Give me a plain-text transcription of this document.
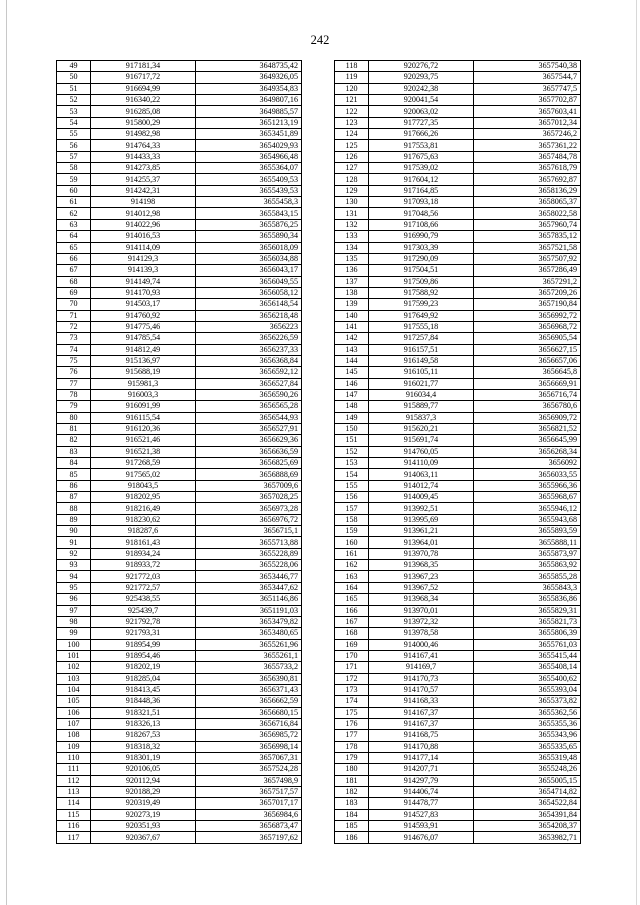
242
49	917181,34	3648735,42
50	916717,72	3649326,05
51	916694,99	3649354,83
52	916340,22	3649807,16
53	916285,08	3649885,57
54	915800,29	3651213,19
55	914982,98	3653451,89
56	914764,33	3654029,93
57	914433,33	3654966,48
58	914273,85	3655364,07
59	914255,37	3655409,53
60	914242,31	3655439,53
61	914198	3655458,3
62	914012,98	3655843,15
63	914022,96	3655876,25
64	914016,53	3655890,34
65	914114,09	3656018,09
66	914129,3	3656034,88
67	914139,3	3656043,17
68	914149,74	3656049,55
69	914170,93	3656058,12
70	914503,17	3656148,54
71	914760,92	3656218,48
72	914775,46	3656223
73	914785,54	3656226,59
74	914812,49	3656237,33
75	915136,97	3656368,84
76	915688,19	3656592,12
77	915981,3	3656527,84
78	916003,3	3656590,26
79	916091,99	3656565,28
80	916115,54	3656544,93
81	916120,36	3656527,91
82	916521,46	3656629,36
83	916521,38	3656636,59
84	917268,59	3656825,69
85	917565,02	3656888,69
86	918043,5	3657009,6
87	918202,95	3657028,25
88	918216,49	3656973,28
89	918230,62	3656976,72
90	918287,6	3656715,1
91	918161,43	3655713,88
92	918934,24	3655228,89
93	918933,72	3655228,06
94	921772,03	3653446,77
95	921772,57	3653447,62
96	925438,55	3651146,86
97	925439,7	3651191,03
98	921792,78	3653479,82
99	921793,31	3653480,65
100	918954,99	3655261,96
101	918954,46	3655261,1
102	918202,19	3655733,2
103	918285,04	3656390,81
104	918413,45	3656371,43
105	918448,36	3656662,59
106	918321,51	3656680,15
107	918326,13	3656716,84
108	918267,53	3656985,72
109	918318,32	3656998,14
110	918301,19	3657067,31
111	920106,05	3657524,28
112	920112,94	3657498,9
113	920188,29	3657517,57
114	920319,49	3657017,17
115	920273,19	3656984,6
116	920351,93	3656873,47
117	920367,67	3657197,62
118	920276,72	3657540,38
119	920293,75	3657544,7
120	920242,38	3657747,5
121	920041,54	3657702,87
122	920063,02	3657603,41
123	917727,35	3657012,34
124	917666,26	3657246,2
125	917553,81	3657361,22
126	917675,63	3657484,78
127	917539,02	3657618,79
128	917604,12	3657692,87
129	917164,85	3658136,29
130	917093,18	3658065,37
131	917048,56	3658022,58
132	917108,66	3657960,74
133	916990,79	3657835,12
134	917303,39	3657521,58
135	917290,09	3657507,92
136	917504,51	3657286,49
137	917509,86	3657291,2
138	917588,92	3657209,26
139	917599,23	3657190,84
140	917649,92	3656992,72
141	917555,18	3656968,72
142	917257,84	3656905,54
143	916157,51	3656627,15
144	916149,58	3656657,06
145	916105,11	3656645,8
146	916021,77	3656669,91
147	916034,4	3656716,74
148	915889,77	3656780,6
149	915837,3	3656909,72
150	915620,21	3656821,52
151	915691,74	3656645,99
152	914760,05	3656268,34
153	914110,09	3656092
154	914063,11	3656033,55
155	914012,74	3655966,36
156	914009,45	3655968,67
157	913992,51	3655946,12
158	913995,69	3655943,68
159	913961,21	3655893,59
160	913964,01	3655888,11
161	913970,78	3655873,97
162	913968,35	3655863,92
163	913967,23	3655855,28
164	913967,52	3655843,3
165	913968,34	3655836,86
166	913970,01	3655829,31
167	913972,32	3655821,73
168	913978,58	3655806,39
169	914000,46	3655761,03
170	914167,41	3655415,44
171	914169,7	3655408,14
172	914170,73	3655400,62
173	914170,57	3655393,04
174	914168,33	3655373,82
175	914167,37	3655362,56
176	914167,37	3655355,36
177	914168,75	3655343,96
178	914170,88	3655335,65
179	914177,14	3655319,48
180	914207,71	3655248,26
181	914297,79	3655005,15
182	914406,74	3654714,82
183	914478,77	3654522,84
184	914527,83	3654391,84
185	914593,91	3654208,37
186	914676,07	3653982,71
